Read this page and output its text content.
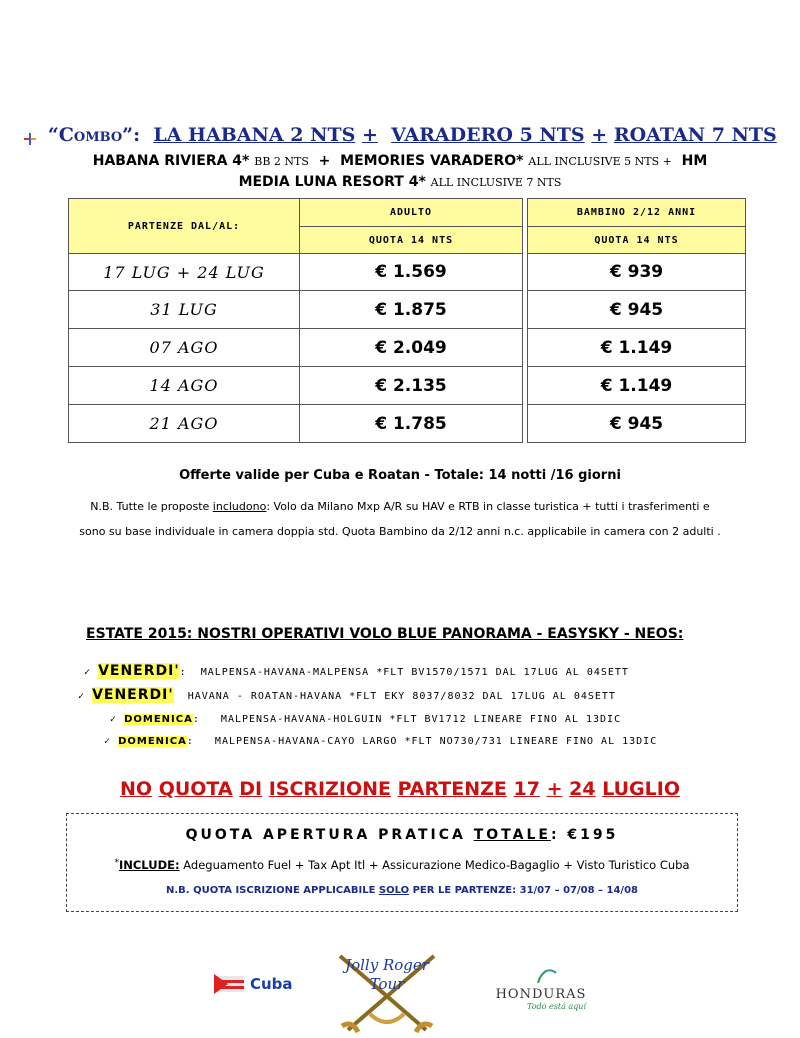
“Combo”: LA HABANA 2 NTS + VARADERO 5 NTS + ROATAN 7 NTS
HABANA RIVIERA 4* BB 2 NTS + MEMORIES VARADERO* ALL INCLUSIVE 5 NTS + HM
MEDIA LUNA RESORT 4* ALL INCLUSIVE 7 NTS
PARTENZE DAL/AL:	ADULTO		BAMBINO 2/12 ANNI
	QUOTA 14 NTS		QUOTA 14 NTS
17 LUG + 24 LUG	€ 1.569		€ 939
31 LUG	€ 1.875		€ 945
07 AGO	€ 2.049		€ 1.149
14 AGO	€ 2.135		€ 1.149
21 AGO	€ 1.785		€ 945
Offerte valide per Cuba e Roatan - Totale: 14 notti /16 giorni
N.B. Tutte le proposte includono: Volo da Milano Mxp A/R su HAV e RTB in classe turistica + tutti i trasferimenti e
sono su base individuale in camera doppia std. Quota Bambino da 2/12 anni n.c. applicabile in camera con 2 adulti .
ESTATE 2015: NOSTRI OPERATIVI VOLO BLUE PANORAMA - EASYSKY - NEOS:
✓ VENERDI':  MALPENSA-HAVANA-MALPENSA *FLT BV1570/1571 DAL 17LUG AL 04SETT
✓ VENERDI' HAVANA - ROATAN-HAVANA *FLT EKY 8037/8032 DAL 17LUG AL 04SETT
✓ DOMENICA:   MALPENSA-HAVANA-HOLGUIN *FLT BV1712 LINEARE FINO AL 13DIC
✓ DOMENICA:   MALPENSA-HAVANA-CAYO LARGO *FLT NO730/731 LINEARE FINO AL 13DIC
NO QUOTA DI ISCRIZIONE PARTENZE 17 + 24 LUGLIO
QUOTA APERTURA PRATICA TOTALE: €195
*INCLUDE: Adeguamento Fuel + Tax Apt Itl + Assicurazione Medico-Bagaglio + Visto Turistico Cuba
N.B. QUOTA ISCRIZIONE APPLICABILE SOLO PER LE PARTENZE: 31/07 – 07/08 – 14/08
Cuba
Jolly Roger
Tour
HONDURAS
Todo está aquí
